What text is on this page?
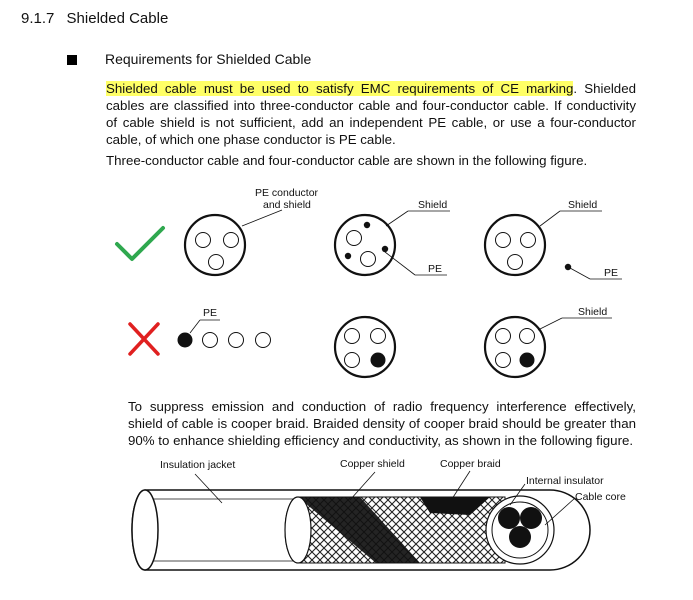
9.1.7 Shielded Cable
Requirements for Shielded Cable
Shielded cable must be used to satisfy EMC requirements of CE marking. Shielded cables are classified into three-conductor cable and four-conductor cable. If conductivity of cable shield is not sufficient, add an independent PE cable, or use a four-conductor cable, of which one phase conductor is PE cable.
Three-conductor cable and four-conductor cable are shown in the following figure.
To suppress emission and conduction of radio frequency interference effectively, shield of cable is cooper braid. Braided density of cooper braid should be greater than 90% to enhance shielding efficiency and conductivity, as shown in the following figure.
PE conductor
and shield	Shield
PE
Shield
PE
PE	Shield
Insulation jacket	Copper shield	Copper braid
Internal insulator
Cable core
